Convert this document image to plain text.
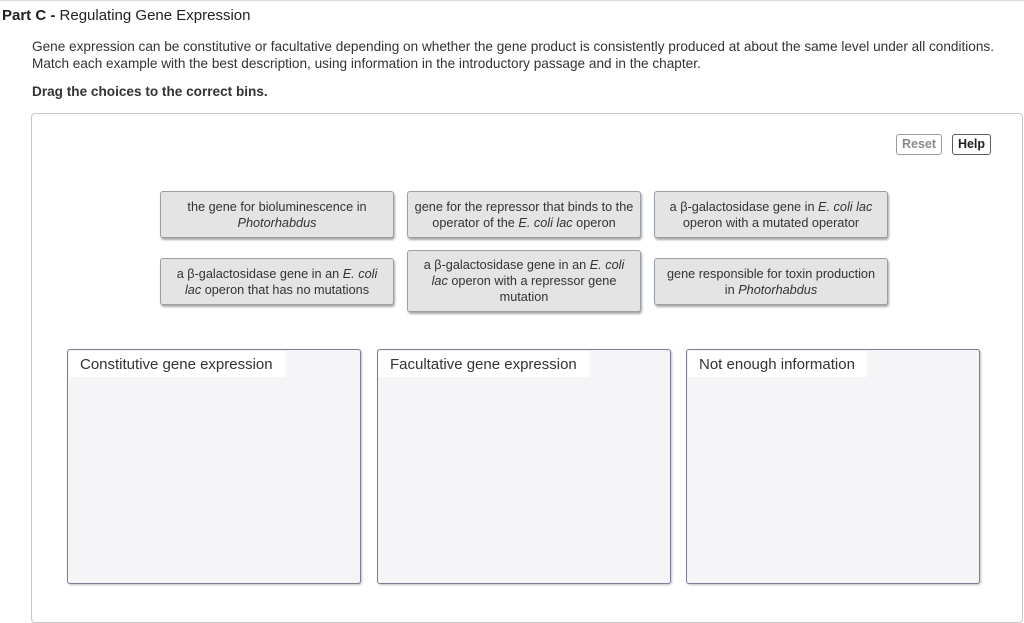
Part C - Regulating Gene Expression
Gene expression can be constitutive or facultative depending on whether the gene product is consistently produced at about the same level under all conditions. Match each example with the best description, using information in the introductory passage and in the chapter.
Drag the choices to the correct bins.
Reset	Help
the gene for bioluminescence in Photorhabdus
gene for the repressor that binds to the operator of the E. coli lac operon
a β-galactosidase gene in E. coli lac operon with a mutated operator
a β-galactosidase gene in an E. coli lac operon that has no mutations
a β-galactosidase gene in an E. coli lac operon with a repressor gene mutation
gene responsible for toxin production in Photorhabdus
Constitutive gene expression	Facultative gene expression	Not enough information
